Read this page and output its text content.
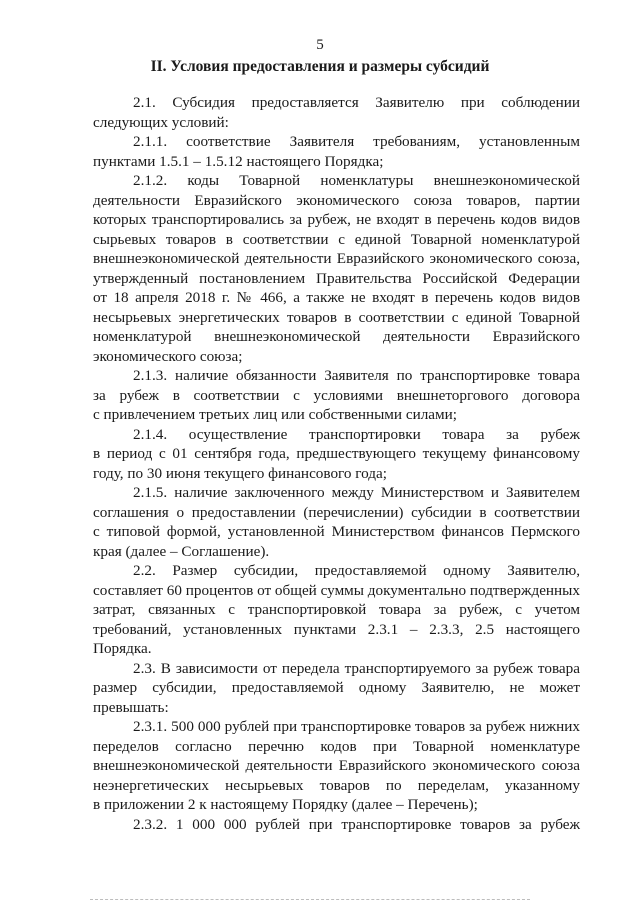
5
II. Условия предоставления и размеры субсидий
2.1. Субсидия предоставляется Заявителю при соблюдении
следующих условий:
2.1.1. соответствие Заявителя требованиям, установленным
пунктами 1.5.1 – 1.5.12 настоящего Порядка;
2.1.2. коды Товарной номенклатуры внешнеэкономической
деятельности Евразийского экономического союза товаров, партии
которых транспортировались за рубеж, не входят в перечень кодов видов
сырьевых товаров в соответствии с единой Товарной номенклатурой
внешнеэкономической деятельности Евразийского экономического союза,
утвержденный постановлением Правительства Российской Федерации
от 18 апреля 2018 г. № 466, а также не входят в перечень кодов видов
несырьевых энергетических товаров в соответствии с единой Товарной
номенклатурой внешнеэкономической деятельности Евразийского
экономического союза;
2.1.3. наличие обязанности Заявителя по транспортировке товара
за рубеж в соответствии с условиями внешнеторгового договора
с привлечением третьих лиц или собственными силами;
2.1.4. осуществление транспортировки товара за рубеж
в период с 01 сентября года, предшествующего текущему финансовому
году, по 30 июня текущего финансового года;
2.1.5. наличие заключенного между Министерством и Заявителем
соглашения о предоставлении (перечислении) субсидии в соответствии
с типовой формой, установленной Министерством финансов Пермского
края (далее – Соглашение).
2.2. Размер субсидии, предоставляемой одному Заявителю,
составляет 60 процентов от общей суммы документально подтвержденных
затрат, связанных с транспортировкой товара за рубеж, с учетом
требований, установленных пунктами 2.3.1 – 2.3.3, 2.5 настоящего
Порядка.
2.3. В зависимости от передела транспортируемого за рубеж товара
размер субсидии, предоставляемой одному Заявителю, не может
превышать:
2.3.1. 500 000 рублей при транспортировке товаров за рубеж нижних
переделов согласно перечню кодов при Товарной номенклатуре
внешнеэкономической деятельности Евразийского экономического союза
неэнергетических несырьевых товаров по переделам, указанному
в приложении 2 к настоящему Порядку (далее – Перечень);
2.3.2. 1 000 000 рублей при транспортировке товаров за рубеж
